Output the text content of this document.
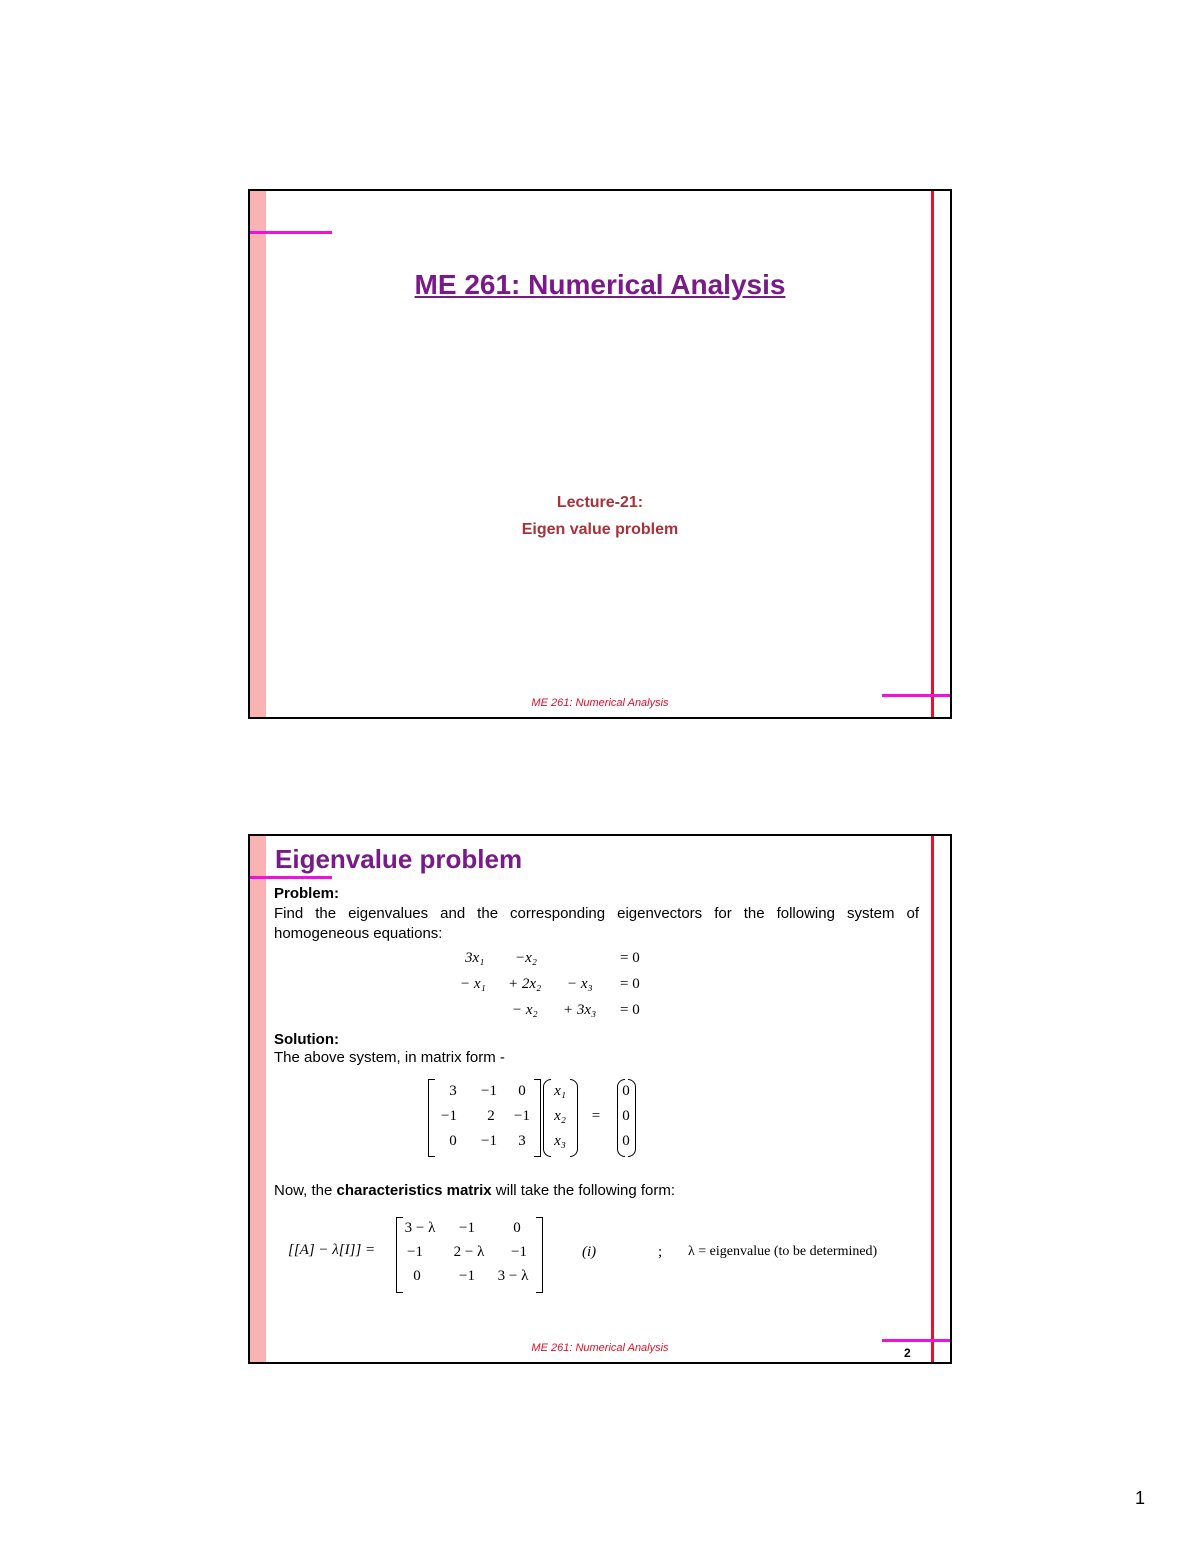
ME 261: Numerical Analysis
Lecture-21:
Eigen value problem
ME 261: Numerical Analysis
Eigenvalue problem
Problem:
Find the eigenvalues and the corresponding eigenvectors for the following system of
homogeneous equations:
3x₁ −x₂	= 0
− x₁ + 2x₂ − x₃ = 0
− x₂ + 3x₃ = 0
Solution:
The above system, in matrix form -
3	−1	0
−1	2	−1
0	−1	3
x₁
x₂
x₃
=
0
0
0
Now, the characteristics matrix will take the following form:
[[A] − λ[I]] =
3 − λ	−1	0
−1	2 − λ	−1
0	−1	3 − λ
(i)	; λ = eigenvalue (to be determined)
ME 261: Numerical Analysis	2
1
